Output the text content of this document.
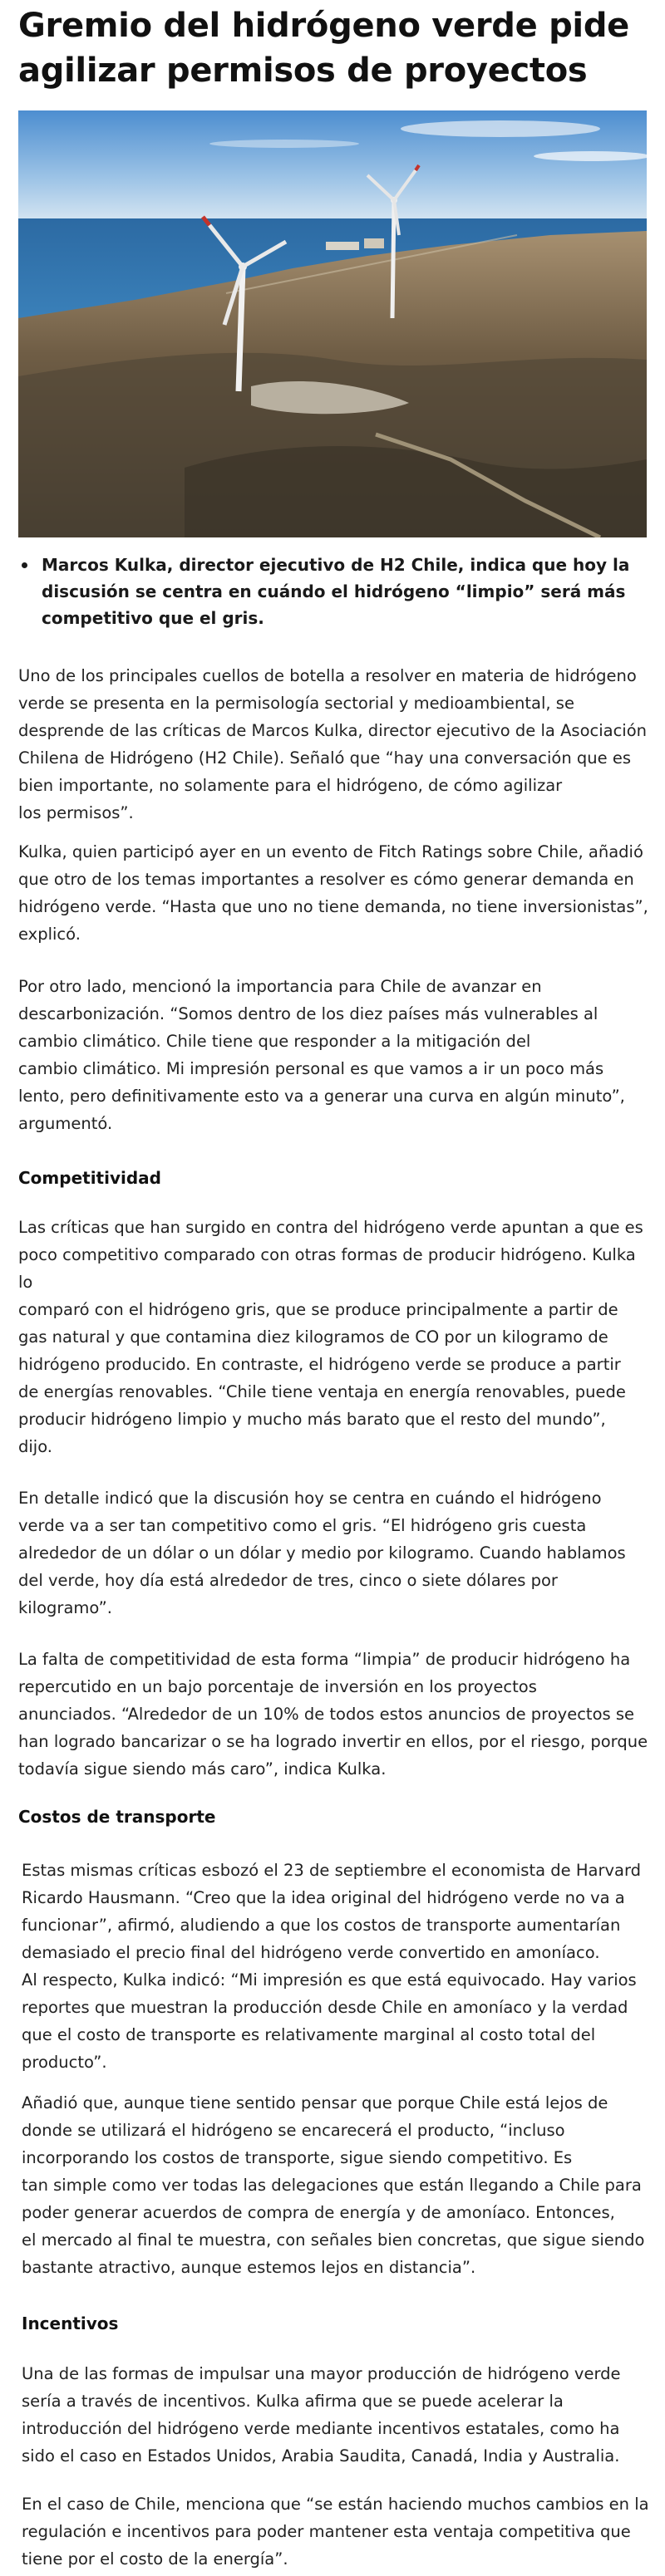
Gremio del hidrógeno verde pide agilizar permisos de proyectos
Marcos Kulka, director ejecutivo de H2 Chile, indica que hoy la discusión se centra en cuándo el hidrógeno “limpio” será más competitivo que el gris.

Uno de los principales cuellos de botella a resolver en materia de hidrógeno
verde se presenta en la permisología sectorial y medioambiental, se
desprende de las críticas de Marcos Kulka, director ejecutivo de la Asociación
Chilena de Hidrógeno (H2 Chile). Señaló que “hay una conversación que es
bien importante, no solamente para el hidrógeno, de cómo agilizar
los permisos”.

Kulka, quien participó ayer en un evento de Fitch Ratings sobre Chile, añadió
que otro de los temas importantes a resolver es cómo generar demanda en
hidrógeno verde. “Hasta que uno no tiene demanda, no tiene inversionistas”,
explicó.

Por otro lado, mencionó la importancia para Chile de avanzar en
descarbonización. “Somos dentro de los diez países más vulnerables al
cambio climático. Chile tiene que responder a la mitigación del
cambio climático. Mi impresión personal es que vamos a ir un poco más
lento, pero definitivamente esto va a generar una curva en algún minuto”,
argumentó.

Competitividad

Las críticas que han surgido en contra del hidrógeno verde apuntan a que es
poco competitivo comparado con otras formas de producir hidrógeno. Kulka
lo
comparó con el hidrógeno gris, que se produce principalmente a partir de
gas natural y que contamina diez kilogramos de CO por un kilogramo de
hidrógeno producido. En contraste, el hidrógeno verde se produce a partir
de energías renovables. “Chile tiene ventaja en energía renovables, puede
producir hidrógeno limpio y mucho más barato que el resto del mundo”,
dijo.

En detalle indicó que la discusión hoy se centra en cuándo el hidrógeno
verde va a ser tan competitivo como el gris. “El hidrógeno gris cuesta
alrededor de un dólar o un dólar y medio por kilogramo. Cuando hablamos
del verde, hoy día está alrededor de tres, cinco o siete dólares por
kilogramo”.

La falta de competitividad de esta forma “limpia” de producir hidrógeno ha
repercutido en un bajo porcentaje de inversión en los proyectos
anunciados. “Alrededor de un 10% de todos estos anuncios de proyectos se
han logrado bancarizar o se ha logrado invertir en ellos, por el riesgo, porque
todavía sigue siendo más caro”, indica Kulka.

Costos de transporte

Estas mismas críticas esbozó el 23 de septiembre el economista de Harvard
Ricardo Hausmann. “Creo que la idea original del hidrógeno verde no va a
funcionar”, afirmó, aludiendo a que los costos de transporte aumentarían
demasiado el precio final del hidrógeno verde convertido en amoníaco.
Al respecto, Kulka indicó: “Mi impresión es que está equivocado. Hay varios
reportes que muestran la producción desde Chile en amoníaco y la verdad
que el costo de transporte es relativamente marginal al costo total del
producto”.

Añadió que, aunque tiene sentido pensar que porque Chile está lejos de
donde se utilizará el hidrógeno se encarecerá el producto, “incluso
incorporando los costos de transporte, sigue siendo competitivo. Es
tan simple como ver todas las delegaciones que están llegando a Chile para
poder generar acuerdos de compra de energía y de amoníaco. Entonces,
el mercado al final te muestra, con señales bien concretas, que sigue siendo
bastante atractivo, aunque estemos lejos en distancia”.

Incentivos

Una de las formas de impulsar una mayor producción de hidrógeno verde
sería a través de incentivos. Kulka afirma que se puede acelerar la
introducción del hidrógeno verde mediante incentivos estatales, como ha
sido el caso en Estados Unidos, Arabia Saudita, Canadá, India y Australia.

En el caso de Chile, menciona que “se están haciendo muchos cambios en la
regulación e incentivos para poder mantener esta ventaja competitiva que
tiene por el costo de la energía”.
